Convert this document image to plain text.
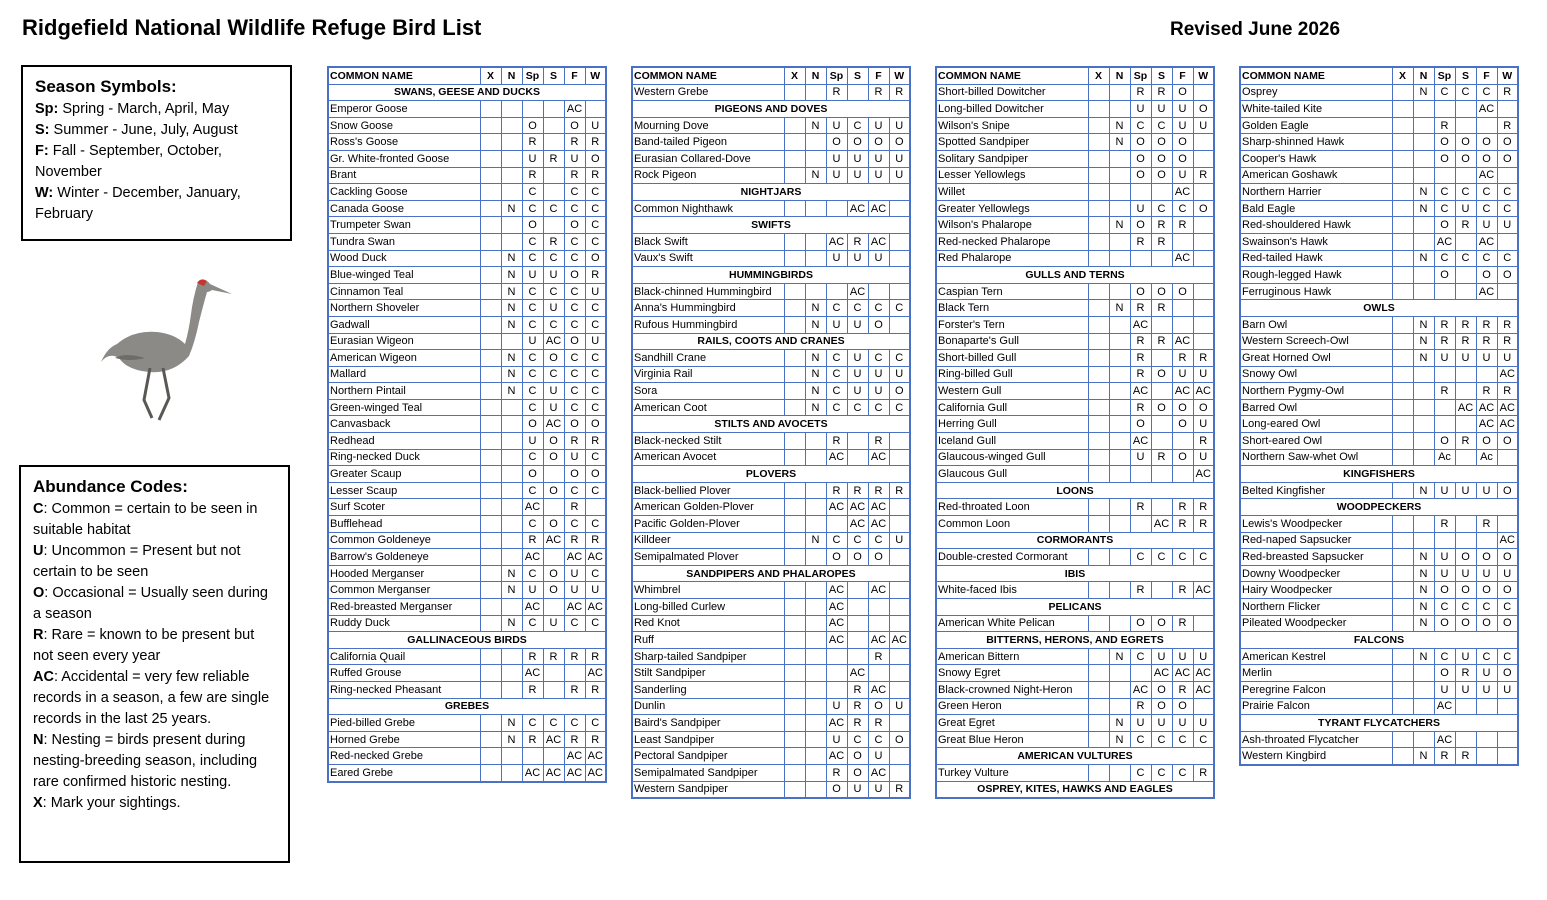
Ridgefield National Wildlife Refuge Bird List	Revised June 2026
Season Symbols:

Sp: Spring - March, April, May

S: Summer - June, July, August

F: Fall - September, October, November

W: Winter - December, January, February

Abundance Codes:

C: Common = certain to be seen in suitable habitat

U: Uncommon = Present but not certain to be seen

O: Occasional = Usually seen during a season

R: Rare = known to be present but not seen every year

AC: Accidental = very few reliable records in a season, a few are single records in the last 25 years.

N: Nesting = birds present during nesting-breeding season, including rare confirmed historic nesting.

X: Mark your sightings.

COMMON NAME	X	N	Sp	S	F	W
SWANS, GEESE AND DUCKS						
Emperor Goose					AC	
Snow Goose			O		O	U
Ross's Goose			R		R	R
Gr. White-fronted Goose			U	R	U	O
Brant			R		R	R
Cackling Goose			C		C	C
Canada Goose		N	C	C	C	C
Trumpeter Swan			O		O	C
Tundra Swan			C	R	C	C
Wood Duck		N	C	C	C	O
Blue-winged Teal		N	U	U	O	R
Cinnamon Teal		N	C	C	C	U
Northern Shoveler		N	C	U	C	C
Gadwall		N	C	C	C	C
Eurasian Wigeon			U	AC	O	U
American Wigeon		N	C	O	C	C
Mallard		N	C	C	C	C
Northern Pintail		N	C	U	C	C
Green-winged Teal			C	U	C	C
Canvasback			O	AC	O	O
Redhead			U	O	R	R
Ring-necked Duck			C	O	U	C
Greater Scaup			O		O	O
Lesser Scaup			C	O	C	C
Surf Scoter			AC		R	
Bufflehead			C	O	C	C
Common Goldeneye			R	AC	R	R
Barrow's Goldeneye			AC		AC	AC
Hooded Merganser		N	C	O	U	C
Common Merganser		N	U	O	U	U
Red-breasted Merganser			AC		AC	AC
Ruddy Duck		N	C	U	C	C
GALLINACEOUS BIRDS						
California Quail			R	R	R	R
Ruffed Grouse			AC			AC
Ring-necked Pheasant			R		R	R
GREBES						
Pied-billed Grebe		N	C	C	C	C
Horned Grebe		N	R	AC	R	R
Red-necked Grebe					AC	AC
Eared Grebe			AC	AC	AC	AC
COMMON NAME	X	N	Sp	S	F	W
Western Grebe			R		R	R
PIGEONS AND DOVES						
Mourning Dove		N	U	C	U	U
Band-tailed Pigeon			O	O	O	O
Eurasian Collared-Dove			U	U	U	U
Rock Pigeon		N	U	U	U	U
NIGHTJARS						
Common Nighthawk				AC	AC	
SWIFTS						
Black Swift			AC	R	AC	
Vaux's Swift			U	U	U	
HUMMINGBIRDS						
Black-chinned Hummingbird				AC		
Anna's Hummingbird		N	C	C	C	C
Rufous Hummingbird		N	U	U	O	
RAILS, COOTS AND CRANES						
Sandhill Crane		N	C	U	C	C
Virginia Rail		N	C	U	U	U
Sora		N	C	U	U	O
American Coot		N	C	C	C	C
STILTS AND AVOCETS						
Black-necked Stilt			R		R	
American Avocet			AC		AC	
PLOVERS						
Black-bellied Plover			R	R	R	R
American Golden-Plover			AC	AC	AC	
Pacific Golden-Plover				AC	AC	
Killdeer		N	C	C	C	U
Semipalmated Plover			O	O	O	
SANDPIPERS AND PHALAROPES						
Whimbrel			AC		AC	
Long-billed Curlew			AC			
Red Knot			AC			
Ruff			AC		AC	AC
Sharp-tailed Sandpiper					R	
Stilt Sandpiper				AC		
Sanderling				R	AC	
Dunlin			U	R	O	U
Baird's Sandpiper			AC	R	R	
Least Sandpiper			U	C	C	O
Pectoral Sandpiper			AC	O	U	
Semipalmated Sandpiper			R	O	AC	
Western Sandpiper			O	U	U	R
COMMON NAME	X	N	Sp	S	F	W
Short-billed Dowitcher			R	R	O	
Long-billed Dowitcher			U	U	U	O
Wilson's Snipe		N	C	C	U	U
Spotted Sandpiper		N	O	O	O	
Solitary Sandpiper			O	O	O	
Lesser Yellowlegs			O	O	U	R
Willet					AC	
Greater Yellowlegs			U	C	C	O
Wilson's Phalarope		N	O	R	R	
Red-necked Phalarope			R	R		
Red Phalarope					AC	
GULLS AND TERNS						
Caspian Tern			O	O	O	
Black Tern		N	R	R		
Forster's Tern			AC			
Bonaparte's Gull			R	R	AC	
Short-billed Gull			R		R	R
Ring-billed Gull			R	O	U	U
Western Gull			AC		AC	AC
California Gull			R	O	O	O
Herring Gull			O		O	U
Iceland Gull			AC			R
Glaucous-winged Gull			U	R	O	U
Glaucous Gull						AC
LOONS						
Red-throated Loon			R		R	R
Common Loon				AC	R	R
CORMORANTS						
Double-crested Cormorant			C	C	C	C
IBIS						
White-faced Ibis			R		R	AC
PELICANS						
American White Pelican			O	O	R	
BITTERNS, HERONS, AND EGRETS						
American Bittern		N	C	U	U	U
Snowy Egret				AC	AC	AC
Black-crowned Night-Heron			AC	O	R	AC
Green Heron			R	O	O	
Great Egret		N	U	U	U	U
Great Blue Heron		N	C	C	C	C
AMERICAN VULTURES						
Turkey Vulture			C	C	C	R
OSPREY, KITES, HAWKS AND EAGLES						
COMMON NAME	X	N	Sp	S	F	W
Osprey		N	C	C	C	R
White-tailed Kite					AC	
Golden Eagle			R			R
Sharp-shinned Hawk			O	O	O	O
Cooper's Hawk			O	O	O	O
American Goshawk					AC	
Northern Harrier		N	C	C	C	C
Bald Eagle		N	C	U	C	C
Red-shouldered Hawk			O	R	U	U
Swainson's Hawk			AC		AC	
Red-tailed Hawk		N	C	C	C	C
Rough-legged Hawk			O		O	O
Ferruginous Hawk					AC	
OWLS						
Barn Owl		N	R	R	R	R
Western Screech-Owl		N	R	R	R	R
Great Horned Owl		N	U	U	U	U
Snowy Owl						AC
Northern Pygmy-Owl			R		R	R
Barred Owl				AC	AC	AC
Long-eared Owl					AC	AC
Short-eared Owl			O	R	O	O
Northern Saw-whet Owl			Ac		Ac	
KINGFISHERS						
Belted Kingfisher		N	U	U	U	O
WOODPECKERS						
Lewis's Woodpecker			R		R	
Red-naped Sapsucker						AC
Red-breasted Sapsucker		N	U	O	O	O
Downy Woodpecker		N	U	U	U	U
Hairy Woodpecker		N	O	O	O	O
Northern Flicker		N	C	C	C	C
Pileated Woodpecker		N	O	O	O	O
FALCONS						
American Kestrel		N	C	U	C	C
Merlin			O	R	U	O
Peregrine Falcon			U	U	U	U
Prairie Falcon			AC			
TYRANT FLYCATCHERS						
Ash-throated Flycatcher			AC			
Western Kingbird		N	R	R		
